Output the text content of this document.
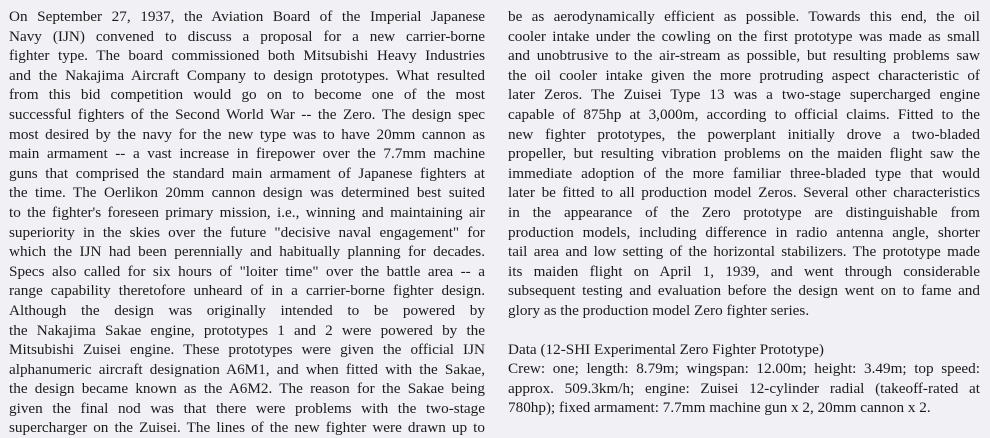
On September 27, 1937, the Aviation Board of the Imperial Japanese
Navy (IJN) convened to discuss a proposal for a new carrier-borne
fighter type. The board commissioned both Mitsubishi Heavy Industries
and the Nakajima Aircraft Company to design prototypes. What resulted
from this bid competition would go on to become one of the most
successful fighters of the Second World War -- the Zero. The design spec
most desired by the navy for the new type was to have 20mm cannon as
main armament -- a vast increase in firepower over the 7.7mm machine
guns that comprised the standard main armament of Japanese fighters at
the time. The Oerlikon 20mm cannon design was determined best suited
to the fighter's foreseen primary mission, i.e., winning and maintaining air
superiority in the skies over the future "decisive naval engagement" for
which the IJN had been perennially and habitually planning for decades.
Specs also called for six hours of "loiter time" over the battle area -- a
range capability theretofore unheard of in a carrier-borne fighter design.
Although the design was originally intended to be powered by
the Nakajima Sakae engine, prototypes 1 and 2 were powered by the
Mitsubishi Zuisei engine. These prototypes were given the official IJN
alphanumeric aircraft designation A6M1, and when fitted with the Sakae,
the design became known as the A6M2. The reason for the Sakae being
given the final nod was that there were problems with the two-stage
supercharger on the Zuisei. The lines of the new fighter were drawn up to
be as aerodynamically efficient as possible. Towards this end, the oil
cooler intake under the cowling on the first prototype was made as small
and unobtrusive to the air-stream as possible, but resulting problems saw
the oil cooler intake given the more protruding aspect characteristic of
later Zeros. The Zuisei Type 13 was a two-stage supercharged engine
capable of 875hp at 3,000m, according to official claims. Fitted to the
new fighter prototypes, the powerplant initially drove a two-bladed
propeller, but resulting vibration problems on the maiden flight saw the
immediate adoption of the more familiar three-bladed type that would
later be fitted to all production model Zeros. Several other characteristics
in the appearance of the Zero prototype are distinguishable from
production models, including difference in radio antenna angle, shorter
tail area and low setting of the horizontal stabilizers. The prototype made
its maiden flight on April 1, 1939, and went through considerable
subsequent testing and evaluation before the design went on to fame and
glory as the production model Zero fighter series.
Data (12-SHI Experimental Zero Fighter Prototype)
Crew: one; length: 8.79m; wingspan: 12.00m; height: 3.49m; top speed:
approx. 509.3km/h; engine: Zuisei 12-cylinder radial (takeoff-rated at
780hp); fixed armament: 7.7mm machine gun x 2, 20mm cannon x 2.
